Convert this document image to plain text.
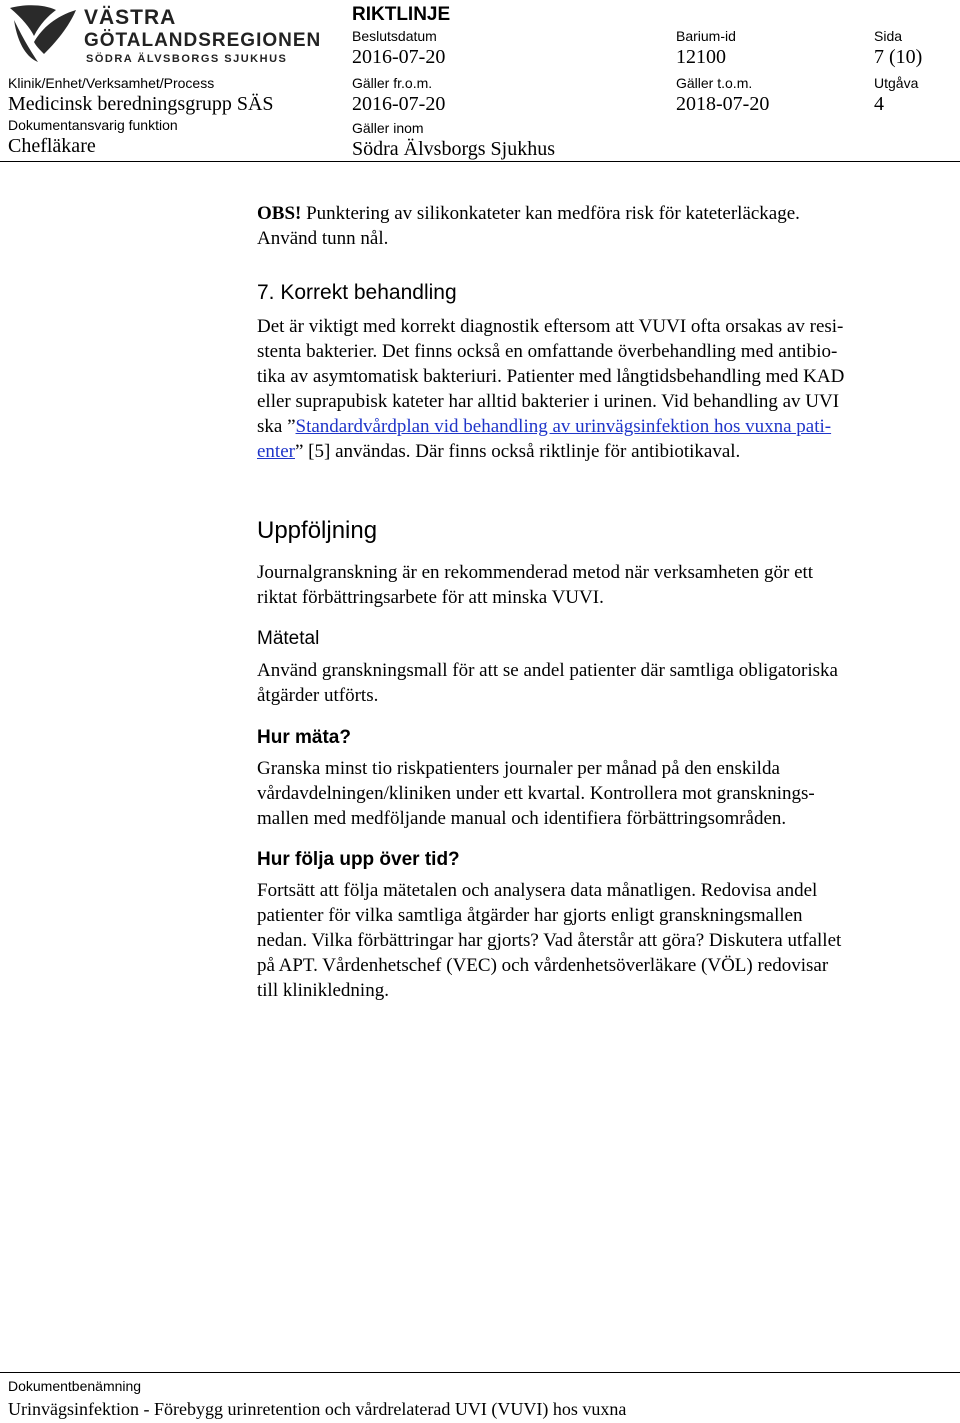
VÄSTRA
GÖTALANDSREGIONEN
SÖDRA ÄLVSBORGS SJUKHUS
RIKTLINJE
Beslutsdatum
2016-07-20
Barium-id
12100
Sida
7 (10)
Klinik/Enhet/Verksamhet/Process
Medicinsk beredningsgrupp SÄS
Gäller fr.o.m.
2016-07-20
Gäller t.o.m.
2018-07-20
Utgåva
4
Dokumentansvarig funktion
Chefläkare
Gäller inom
Södra Älvsborgs Sjukhus
OBS! Punktering av silikonkateter kan medföra risk för kateterläckage.
Använd tunn nål.
7. Korrekt behandling
Det är viktigt med korrekt diagnostik eftersom att VUVI ofta orsakas av resi-
stenta bakterier. Det finns också en omfattande överbehandling med antibio-
tika av asymtomatisk bakteriuri. Patienter med långtidsbehandling med KAD
eller suprapubisk kateter har alltid bakterier i urinen. Vid behandling av UVI
ska ”Standardvårdplan vid behandling av urinvägsinfektion hos vuxna pati-
enter” [5] användas. Där finns också riktlinje för antibiotikaval.
Uppföljning
Journalgranskning är en rekommenderad metod när verksamheten gör ett
riktat förbättringsarbete för att minska VUVI.
Mätetal
Använd granskningsmall för att se andel patienter där samtliga obligatoriska
åtgärder utförts.
Hur mäta?
Granska minst tio riskpatienters journaler per månad på den enskilda
vårdavdelningen/kliniken under ett kvartal. Kontrollera mot gransknings-
mallen med medföljande manual och identifiera förbättringsområden.
Hur följa upp över tid?
Fortsätt att följa mätetalen och analysera data månatligen. Redovisa andel
patienter för vilka samtliga åtgärder har gjorts enligt granskningsmallen
nedan. Vilka förbättringar har gjorts? Vad återstår att göra? Diskutera utfallet
på APT. Vårdenhetschef (VEC) och vårdenhetsöverläkare (VÖL) redovisar
till klinikledning.
Dokumentbenämning
Urinvägsinfektion - Förebygg urinretention och vårdrelaterad UVI (VUVI) hos vuxna
